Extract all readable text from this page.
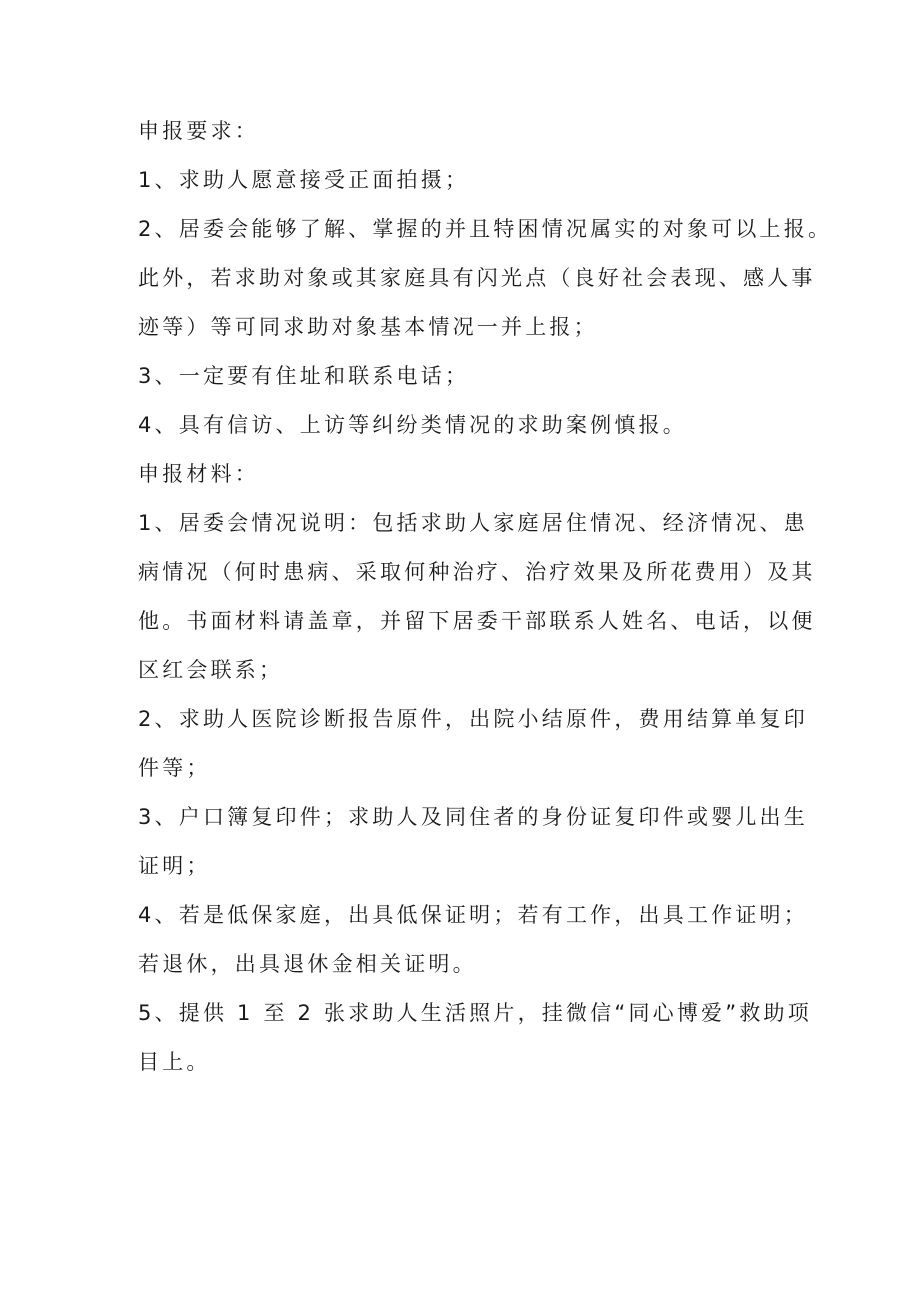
申报要求：
1、求助人愿意接受正面拍摄；
2、居委会能够了解、掌握的并且特困情况属实的对象可以上报。
此外，若求助对象或其家庭具有闪光点（良好社会表现、感人事
迹等）等可同求助对象基本情况一并上报；
3、一定要有住址和联系电话；
4、具有信访、上访等纠纷类情况的求助案例慎报。
申报材料：
1、居委会情况说明：包括求助人家庭居住情况、经济情况、患
病情况（何时患病、采取何种治疗、治疗效果及所花费用）及其
他。书面材料请盖章，并留下居委干部联系人姓名、电话，以便
区红会联系；
2、求助人医院诊断报告原件，出院小结原件，费用结算单复印
件等；
3、户口簿复印件；求助人及同住者的身份证复印件或婴儿出生
证明；
4、若是低保家庭，出具低保证明；若有工作，出具工作证明；
若退休，出具退休金相关证明。
5、提供 1 至 2 张求助人生活照片，挂微信“同心博爱”救助项
目上。
